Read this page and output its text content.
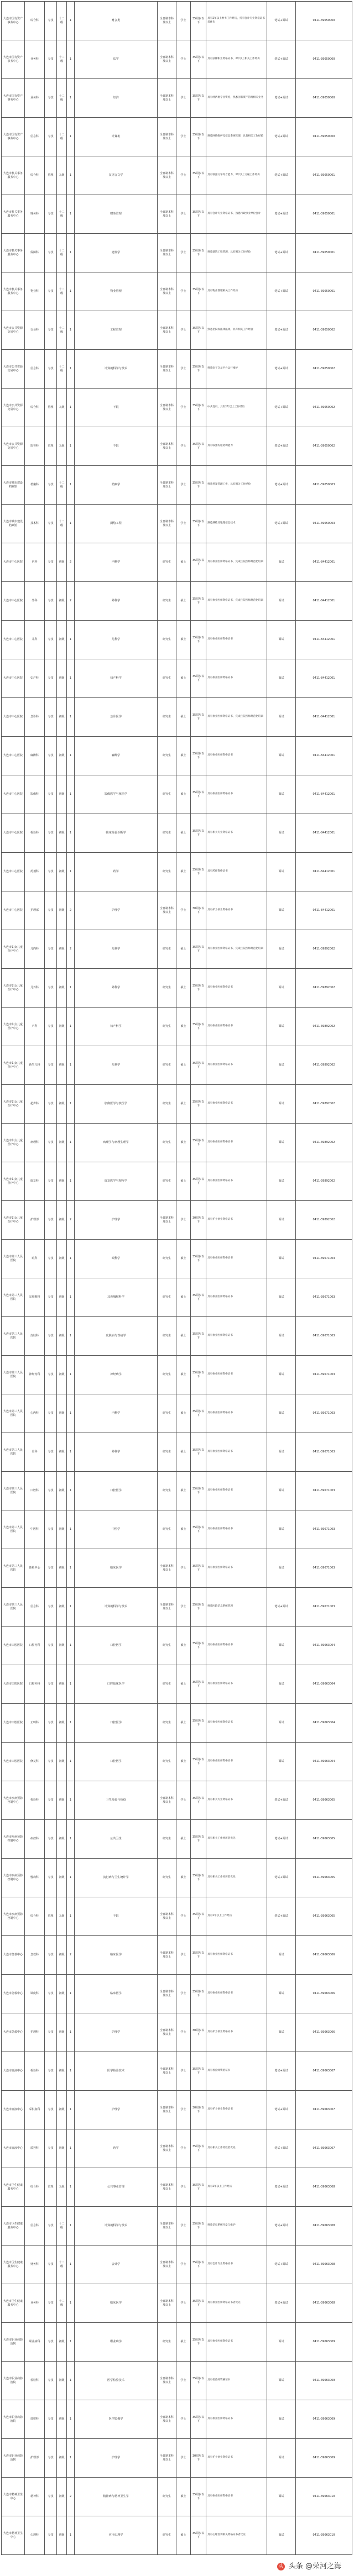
大连市国有资产事务中心	综合科	专技	十二级	1	财会类	全日制本科及以上	学士	35周岁以下	具有2年以上财务工作经历，持有会计专业资格证书者优先	笔试+面试	0411-39050000
大连市国有资产事务中心	业务科	专技	十二级	1	法学	全日制本科及以上	学士	35周岁以下	具有法律职业资格证书，2年以上相关工作经历	笔试+面试	0411-39050000
大连市国有资产事务中心	业务科	专技	十二级	1	经济	全日制本科及以上	学士	35周岁以下	具有经济类专业资格，熟悉国有资产管理相关业务	笔试+面试	0411-39050000
大连市国有资产事务中心	信息科	专技	十二级	1	计算机	全日制本科及以上	学士	35周岁以下	熟悉网络维护及信息系统管理，具有相关工作经验	笔试+面试	0411-39050000
大连市机关事务服务中心	综合科	管理	九级	1	汉语言文学	全日制本科及以上	学士	35周岁以下	具有较强文字综合能力，2年以上文秘工作经历	笔试+面试	0411-39050001
大连市机关事务服务中心	财务科	专技	十二级	1	财务管理	全日制本科及以上	学士	35周岁以下	具有会计专业资格证书，熟悉行政事业单位会计	笔试+面试	0411-39050001
大连市机关事务服务中心	保障科	专技	十二级	1	建筑学	全日制本科及以上	学士	35周岁以下	熟悉建筑工程管理，具有相关工作经验	笔试+面试	0411-39050001
大连市机关事务服务中心	物业科	专技	十二级	1	物业管理	全日制本科及以上	学士	35周岁以下	具有物业管理相关工作经历	笔试+面试	0411-39050001
大连市公共资源交易中心	交易科	专技	十二级	1	工程管理	全日制本科及以上	学士	35周岁以下	熟悉招投标法律法规，具有相关工作经验	笔试+面试	0411-39050002
大连市公共资源交易中心	信息科	专技	十二级	1	计算机科学与技术	全日制本科及以上	学士	35周岁以下	熟悉电子交易平台运行维护	笔试+面试	0411-39050002
大连市公共资源交易中心	综合科	管理	九级	1	不限	全日制本科及以上	学士	35周岁以下	中共党员，具有2年以上工作经历	笔试+面试	0411-39050002
大连市公共资源交易中心	监督科	管理	九级	1	不限	全日制本科及以上	学士	35周岁以下	具有较强沟通协调能力	笔试+面试	0411-39050002
大连市城市建设档案馆	档案科	专技	十二级	1	档案学	全日制本科及以上	学士	35周岁以下	熟悉档案管理工作，具有相关工作经验	笔试+面试	0411-39050003
大连市城市建设档案馆	技术科	专技	十二级	1	测绘工程	全日制本科及以上	学士	35周岁以下	熟悉测绘及地理信息技术	笔试+面试	0411-39050003
大连市中心医院	内科	专技	初级	2	内科学	研究生	硕士	35周岁以下	具有执业医师资格证书，完成住院医师规范化培训	面试	0411-84412001
大连市中心医院	外科	专技	初级	2	外科学	研究生	硕士	35周岁以下	具有执业医师资格证书，完成住院医师规范化培训	面试	0411-84412001
大连市中心医院	儿科	专技	初级	1	儿科学	研究生	硕士	35周岁以下	具有执业医师资格证书	面试	0411-84412001
大连市中心医院	妇产科	专技	初级	1	妇产科学	研究生	硕士	35周岁以下	具有执业医师资格证书	面试	0411-84412001
大连市中心医院	急诊科	专技	初级	1	急诊医学	研究生	硕士	35周岁以下	具有执业医师资格证书，完成住院医师规范化培训	面试	0411-84412001
大连市中心医院	麻醉科	专技	初级	1	麻醉学	研究生	硕士	35周岁以下	具有执业医师资格证书	面试	0411-84412001
大连市中心医院	影像科	专技	初级	1	影像医学与核医学	研究生	硕士	35周岁以下	具有执业医师资格证书	面试	0411-84412001
大连市中心医院	检验科	专技	初级	1	临床检验诊断学	研究生	硕士	35周岁以下	具有相关专业资格证书	面试	0411-84412001
大连市中心医院	药剂科	专技	初级	1	药学	研究生	硕士	35周岁以下	具有药师资格证书	面试	0411-84412001
大连市中心医院	护理部	专技	初级	2	护理学	全日制本科及以上	学士	30周岁以下	具有护士执业资格证书	面试	0411-84412001
大连市妇女儿童医疗中心	儿内科	专技	初级	2	儿科学	研究生	硕士	35周岁以下	具有执业医师资格证书，完成住院医师规范化培训	面试	0411-39892002
大连市妇女儿童医疗中心	儿外科	专技	初级	1	外科学	研究生	硕士	35周岁以下	具有执业医师资格证书	面试	0411-39892002
大连市妇女儿童医疗中心	产科	专技	初级	1	妇产科学	研究生	硕士	35周岁以下	具有执业医师资格证书	面试	0411-39892002
大连市妇女儿童医疗中心	新生儿科	专技	初级	1	儿科学	研究生	硕士	35周岁以下	具有执业医师资格证书	面试	0411-39892002
大连市妇女儿童医疗中心	超声科	专技	初级	1	影像医学与核医学	研究生	硕士	35周岁以下	具有执业医师资格证书	面试	0411-39892002
大连市妇女儿童医疗中心	病理科	专技	初级	1	病理学与病理生理学	研究生	硕士	35周岁以下	具有执业医师资格证书	面试	0411-39892002
大连市妇女儿童医疗中心	康复科	专技	初级	1	康复医学与理疗学	研究生	硕士	35周岁以下	具有执业医师资格证书	面试	0411-39892002
大连市妇女儿童医疗中心	护理部	专技	初级	2	护理学	全日制本科及以上	学士	30周岁以下	具有护士执业资格证书	面试	0411-39892002
大连市第三人民医院	眼科	专技	初级	1	眼科学	研究生	硕士	35周岁以下	具有执业医师资格证书	面试	0411-39671003
大连市第三人民医院	耳鼻喉科	专技	初级	1	耳鼻咽喉科学	研究生	硕士	35周岁以下	具有执业医师资格证书	面试	0411-39671003
大连市第三人民医院	皮肤科	专技	初级	1	皮肤病与性病学	研究生	硕士	35周岁以下	具有执业医师资格证书	面试	0411-39671003
大连市第三人民医院	神经内科	专技	初级	1	神经病学	研究生	硕士	35周岁以下	具有执业医师资格证书	面试	0411-39671003
大连市第三人民医院	心内科	专技	初级	1	内科学	研究生	硕士	35周岁以下	具有执业医师资格证书	面试	0411-39671003
大连市第三人民医院	骨科	专技	初级	1	外科学	研究生	硕士	35周岁以下	具有执业医师资格证书	面试	0411-39671003
大连市第三人民医院	口腔科	专技	初级	1	口腔医学	研究生	硕士	35周岁以下	具有执业医师资格证书	面试	0411-39671003
大连市第三人民医院	中医科	专技	初级	1	中医学	研究生	硕士	35周岁以下	具有执业医师资格证书	面试	0411-39671003
大连市第三人民医院	体检中心	专技	初级	1	临床医学	全日制本科及以上	学士	35周岁以下	具有执业医师资格证书	面试	0411-39671003
大连市第三人民医院	信息科	专技	初级	1	计算机科学与技术	全日制本科及以上	学士	35周岁以下	熟悉医院信息系统管理	笔试+面试	0411-39671003
大连市口腔医院	口腔内科	专技	初级	1	口腔医学	研究生	硕士	35周岁以下	具有执业医师资格证书	面试	0411-39063004
大连市口腔医院	口腔外科	专技	初级	1	口腔临床医学	研究生	硕士	35周岁以下	具有执业医师资格证书	面试	0411-39063004
大连市口腔医院	正畸科	专技	初级	1	口腔医学	研究生	硕士	35周岁以下	具有执业医师资格证书	面试	0411-39063004
大连市口腔医院	修复科	专技	初级	1	口腔医学	研究生	硕士	35周岁以下	具有执业医师资格证书	面试	0411-39063004
大连市疾病预防控制中心	检验科	专技	初级	1	卫生检验与检疫	全日制本科及以上	学士	35周岁以下	具有相关专业资格证书	笔试+面试	0411-39063005
大连市疾病预防控制中心	疾控科	专技	初级	1	公共卫生	研究生	硕士	35周岁以下	具有相关工作经历者优先	笔试+面试	0411-39063005
大连市疾病预防控制中心	慢病科	专技	初级	1	流行病与卫生统计学	研究生	硕士	35周岁以下	具有相关工作经历者优先	笔试+面试	0411-39063005
大连市疾病预防控制中心	综合科	管理	九级	1	不限	全日制本科及以上	学士	35周岁以下	具有2年以上工作经历	笔试+面试	0411-39063005
大连市急救中心	急救科	专技	初级	2	临床医学	全日制本科及以上	学士	35周岁以下	具有执业医师资格证书	面试	0411-39063006
大连市急救中心	调度科	专技	初级	1	临床医学	全日制本科及以上	学士	35周岁以下	具有执业医师资格证书	面试	0411-39063006
大连市急救中心	护理科	专技	初级	1	护理学	全日制本科及以上	学士	30周岁以下	具有护士执业资格证书	面试	0411-39063006
大连市血液中心	检验科	专技	初级	1	医学检验技术	全日制本科及以上	学士	35周岁以下	具有检验师资格证书	笔试+面试	0411-39063007
大连市血液中心	采供血科	专技	初级	1	护理学	全日制本科及以上	学士	30周岁以下	具有护士执业资格证书	笔试+面试	0411-39063007
大连市血液中心	质控科	专技	初级	1	药学	全日制本科及以上	学士	35周岁以下	具有相关工作经验者优先	笔试+面试	0411-39063007
大连市卫生健康服务中心	综合科	管理	九级	1	公共事业管理	全日制本科及以上	学士	35周岁以下	具有2年以上工作经历	笔试+面试	0411-39063008
大连市卫生健康服务中心	信息科	专技	十二级	1	计算机科学与技术	全日制本科及以上	学士	35周岁以下	熟悉信息系统开发与维护	笔试+面试	0411-39063008
大连市卫生健康服务中心	财务科	专技	十二级	1	会计学	全日制本科及以上	学士	35周岁以下	具有会计专业资格证书	笔试+面试	0411-39063008
大连市卫生健康服务中心	业务科	专技	十二级	1	临床医学	全日制本科及以上	学士	35周岁以下	具有执业医师资格证书者优先	笔试+面试	0411-39063008
大连市职业病防治院	职业病科	专技	初级	1	职业病学	研究生	硕士	35周岁以下	具有执业医师资格证书	面试	0411-39063009
大连市职业病防治院	检验科	专技	初级	1	医学检验技术	全日制本科及以上	学士	35周岁以下	具有检验师资格证书	面试	0411-39063009
大连市职业病防治院	放射科	专技	初级	1	医学影像学	全日制本科及以上	学士	35周岁以下	具有执业医师资格证书	面试	0411-39063009
大连市职业病防治院	护理部	专技	初级	1	护理学	全日制本科及以上	学士	30周岁以下	具有护士执业资格证书	面试	0411-39063009
大连市精神卫生中心	精神科	专技	初级	2	精神病与精神卫生学	研究生	硕士	35周岁以下	具有执业医师资格证书	面试	0411-39063010
大连市精神卫生中心	心理科	专技	初级	1	应用心理学	研究生	硕士	35周岁以下	具有心理咨询相关资格证书者优先	面试	0411-39063010
头 头条 @荣河之海
